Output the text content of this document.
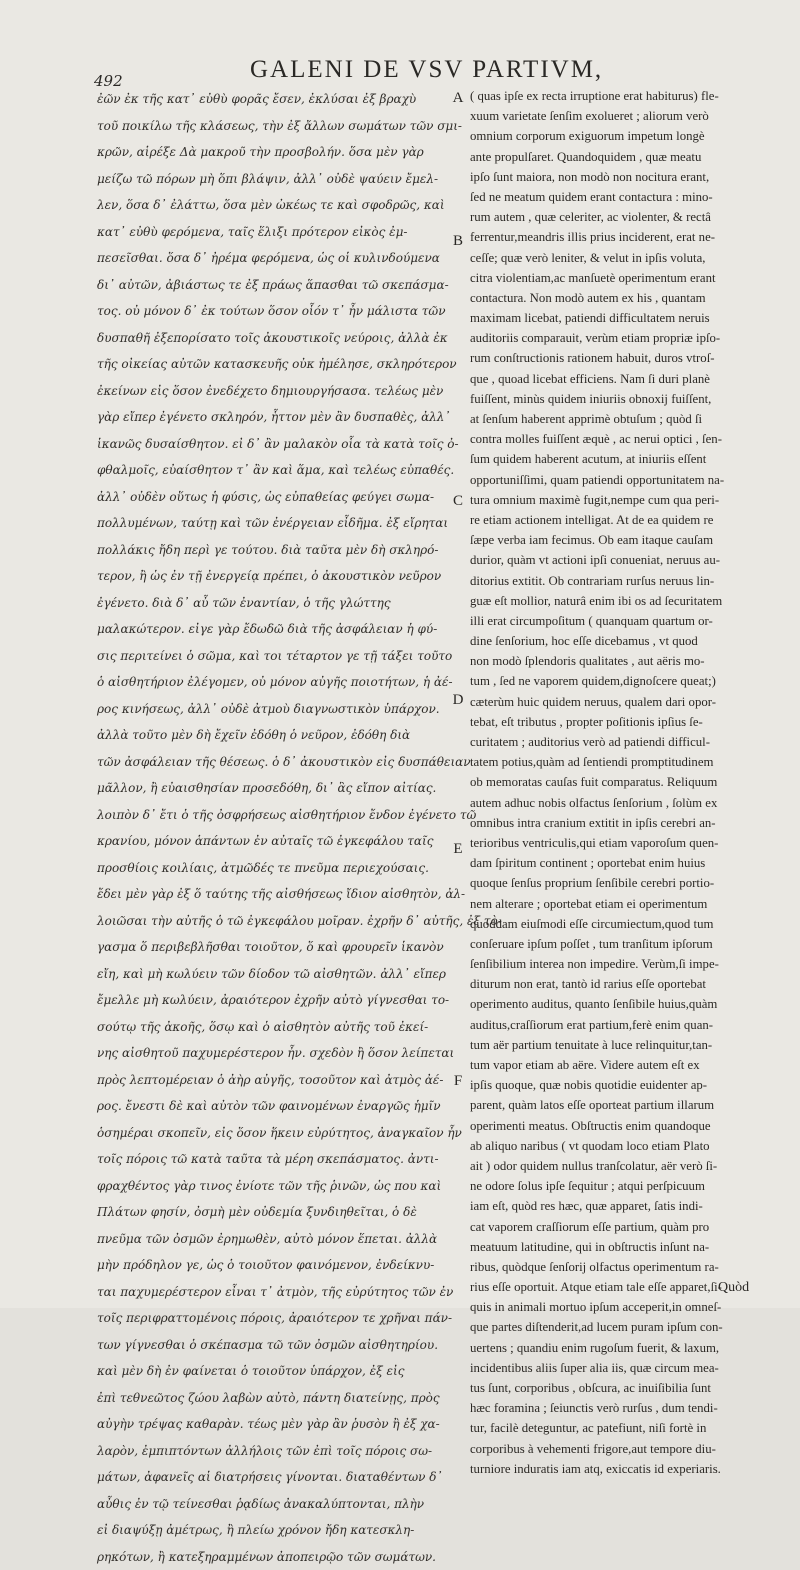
492	GALENI DE VSV PARTIVM,
ἐῶν ἐκ τῆς κατ᾽ εὐθὺ φορᾶς ἔσεν, ἐκλύσαι ἐξ βραχὺ
τοῦ ποικίλω τῆς κλάσεως, τὴν ἐξ ἄλλων σωμάτων τῶν σμι-
κρῶν, αἱρέξε Δὰ μακροῦ τὴν προσβολήν. ὅσα μὲν γὰρ
μείζω τῶ πόρων μὴ ὅπι βλάψιν, ἀλλ᾽ οὐδὲ ψαύειν ἔμελ-
λεν, ὅσα δ᾽ ἐλάττω, ὅσα μὲν ὠκέως τε καὶ σφοδρῶς, καὶ
κατ᾽ εὐθὺ φερόμενα, ταῖς ἕλιξι πρότερον εἰκὸς ἐμ-
πεσεῖσθαι. ὅσα δ᾽ ἠρέμα φερόμενα, ὡς οἱ κυλινδούμενα
δι᾽ αὐτῶν, ἀβιάστως τε ἐξ πράως ἅπασθαι τῶ σκεπάσμα-
τος. οὐ μόνον δ᾽ ἐκ τούτων ὅσον οἷόν τ᾽ ἦν μάλιστα τῶν
δυσπαθῆ ἐξεπορίσατο τοῖς ἀκουστικοῖς νεύροις, ἀλλὰ ἐκ
τῆς οἰκείας αὐτῶν κατασκευῆς οὐκ ἠμέλησε, σκληρότερον
ἐκείνων εἰς ὅσον ἐνεδέχετο δημιουργήσασα. τελέως μὲν
γὰρ εἴπερ ἐγένετο σκληρόν, ἧττον μὲν ἂν δυσπαθὲς, ἀλλ᾽
ἱκανῶς δυσαίσθητον. εἰ δ᾽ ἂν μαλακὸν οἷα τὰ κατὰ τοῖς ὀ-
φθαλμοῖς, εὐαίσθητον τ᾽ ἂν καὶ ἅμα, καὶ τελέως εὐπαθές.
ἀλλ᾽ οὐδὲν οὕτως ἡ φύσις, ὡς εὐπαθείας φεύγει σωμα-
πολλυμένων, ταύτῃ καὶ τῶν ἐνέργειαν εἶδῆμα. ἐξ εἴρηται
πολλάκις ἤδη περὶ γε τούτου. διὰ ταῦτα μὲν δὴ σκληρό-
τερον, ἢ ὡς ἐν τῇ ἐνεργείᾳ πρέπει, ὁ ἀκουστικὸν νεῦρον
ἐγένετο. διὰ δ᾽ αὖ τῶν ἐναντίαν, ὁ τῆς γλώττης
μαλακώτερον. εἰγε γὰρ ἔδωδῶ διὰ τῆς ἀσφάλειαν ἡ φύ-
σις περιτείνει ὁ σῶμα, καὶ τοι τέταρτον γε τῇ τάξει τοῦτο
ὁ αἰσθητήριον ἐλέγομεν, οὐ μόνον αὐγῆς ποιοτήτων, ἡ ἀέ-
ρος κινήσεως, ἀλλ᾽ οὐδὲ ἀτμοὺ διαγνωστικὸν ὑπάρχον.
ἀλλὰ τοῦτο μὲν δὴ ἔχεῖν ἐδόθη ὁ νεῦρον, ἐδόθη διὰ
τῶν ἀσφάλειαν τῆς θέσεως. ὁ δ᾽ ἀκουστικὸν εἰς δυσπάθειαν
μᾶλλον, ἢ εὐαισθησίαν προσεδόθη, δι᾽ ἃς εἴπον αἰτίας.
λοιπὸν δ᾽ ἔτι ὁ τῆς ὀσφρήσεως αἰσθητήριον ἔνδον ἐγένετο τῶ
κρανίου, μόνον ἁπάντων ἐν αὐταῖς τῶ ἐγκεφάλου ταῖς
προσθίοις κοιλίαις, ἀτμῶδές τε πνεῦμα περιεχούσαις.
ἔδει μὲν γὰρ ἐξ ὅ ταύτης τῆς αἰσθήσεως ἴδιον αἰσθητὸν, ἀλ-
λοιῶσαι τὴν αὐτῆς ὁ τῶ ἐγκεφάλου μοῖραν. ἐχρῆν δ᾽ αὐτῆς, ἐξ τὸ-
γασμα ὅ περιβεβλῆσθαι τοιοῦτον, ὅ καὶ φρουρεῖν ἱκανὸν
εἴη, καὶ μὴ κωλύειν τῶν δίοδον τῶ αἰσθητῶν. ἀλλ᾽ εἴπερ
ἔμελλε μὴ κωλύειν, ἀραιότερον ἐχρῆν αὐτὸ γίγνεσθαι το-
σούτῳ τῆς ἀκοῆς, ὅσῳ καὶ ὁ αἰσθητὸν αὐτῆς τοῦ ἐκεί-
νης αἰσθητοῦ παχυμερέστερον ἦν. σχεδὸν ἢ ὅσον λείπεται
πρὸς λεπτομέρειαν ὁ ἀὴρ αὐγῆς, τοσοῦτον καὶ ἀτμὸς ἀέ-
ρος. ἔνεστι δὲ καὶ αὐτὸν τῶν φαινομένων ἐναργῶς ἡμῖν
ὁσημέραι σκοπεῖν, εἰς ὅσον ἥκειν εὐρύτητος, ἀναγκαῖον ἦν
τοῖς πόροις τῶ κατὰ ταῦτα τὰ μέρη σκεπάσματος. ἀντι-
φραχθέντος γὰρ τινος ἐνίοτε τῶν τῆς ῥινῶν, ὡς που καὶ
Πλάτων φησίν, ὀσμὴ μὲν οὐδεμία ξυνδιηθεῖται, ὁ δὲ
πνεῦμα τῶν ὀσμῶν ἐρημωθὲν, αὐτὸ μόνον ἕπεται. ἀλλὰ
μὴν πρόδηλον γε, ὡς ὁ τοιοῦτον φαινόμενον, ἐνδείκνυ-
ται παχυμερέστερον εἶναι τ᾽ ἀτμὸν, τῆς εὐρύτητος τῶν ἐν
τοῖς περιφραττομένοις πόροις, ἀραιότερον τε χρῆναι πάν-
των γίγνεσθαι ὁ σκέπασμα τῶ τῶν ὀσμῶν αἰσθητηρίου.
καὶ μὲν δὴ ἐν φαίνεται ὁ τοιοῦτον ὑπάρχον, ἐξ εἰς
ἐπὶ τεθνεῶτος ζώου λαβὼν αὐτὸ, πάντη διατείνῃς, πρὸς
αὐγὴν τρέψας καθαρὰν. τέως μὲν γὰρ ἂν ῥυσὸν ἢ ἐξ χα-
λαρὸν, ἐμπιπτόντων ἀλλήλοις τῶν ἐπὶ τοῖς πόροις σω-
μάτων, ἀφανεῖς αἱ διατρήσεις γίνονται. διαταθέντων δ᾽
αὖθις ἐν τῷ τείνεσθαι ῥᾳδίως ἀνακαλύπτονται, πλὴν
εἰ διαψύξῃ ἀμέτρως, ἢ πλείω χρόνον ἤδη κατεσκλη-
ρηκότων, ἢ κατεξηραμμένων ἀποπειρῷο τῶν σωμάτων.
A
B
C
D
E
F
( quas ipſe ex recta irruptione erat habiturus) fle-
xuum varietate ſenſim exolueret ; aliorum verò
omnium corporum exiguorum impetum longè
ante propulſaret. Quandoquidem , quæ meatu
ipſo ſunt maiora, non modò non nocitura erant,
ſed ne meatum quidem erant contactura : mino-
rum autem , quæ celeriter, ac violenter, & rectâ
ferrentur,meandris illis prius inciderent, erat ne-
ceſſe; quæ verò leniter, & velut in ipſis voluta,
citra violentiam,ac manſuetè operimentum erant
contactura. Non modò autem ex his , quantam
maximam licebat, patiendi difficultatem neruis
auditoriis comparauit, verùm etiam propriæ ipſo-
rum conſtructionis rationem habuit, duros vtroſ-
que , quoad licebat efficiens. Nam ſi duri planè
fuiſſent, minùs quidem iniuriis obnoxij fuiſſent,
at ſenſum haberent apprimè obtuſum ; quòd ſi
contra molles fuiſſent æquè , ac nerui optici , ſen-
ſum quidem haberent acutum, at iniuriis eſſent
opportuniſſimi, quam patiendi opportunitatem na-
tura omnium maximè fugit,nempe cum qua peri-
re etiam actionem intelligat. At de ea quidem re
ſæpe verba iam fecimus. Ob eam itaque cauſam
durior, quàm vt actioni ipſi conueniat, neruus au-
ditorius extitit. Ob contrariam rurſus neruus lin-
guæ eſt mollior, naturâ enim ibi os ad ſecuritatem
illi erat circumpoſitum ( quanquam quartum or-
dine ſenſorium, hoc eſſe dicebamus , vt quod
non modò ſplendoris qualitates , aut aëris mo-
tum , ſed ne vaporem quidem,dignoſcere queat;)
cæterùm huic quidem neruus, qualem dari opor-
tebat, eſt tributus , propter poſitionis ipſius ſe-
curitatem ; auditorius verò ad patiendi difficul-
tatem potius,quàm ad ſentiendi promptitudinem
ob memoratas cauſas fuit comparatus. Reliquum
autem adhuc nobis olfactus ſenſorium , ſolùm ex
omnibus intra cranium extitit in ipſis cerebri an-
terioribus ventriculis,qui etiam vaporoſum quen-
dam ſpiritum continent ; oportebat enim huius
quoque ſenſus proprium ſenſibile cerebri portio-
nem alterare ; oportebat etiam ei operimentum
quoddam eiuſmodi eſſe circumiectum,quod tum
conſeruare ipſum poſſet , tum tranſitum ipſorum
ſenſibilium interea non impedire. Verùm,ſi impe-
diturum non erat, tantò id rarius eſſe oportebat
operimento auditus, quanto ſenſibile huius,quàm
auditus,craſſiorum erat partium,ferè enim quan-
tum aër partium tenuitate à luce relinquitur,tan-
tum vapor etiam ab aëre. Videre autem eſt ex
ipſis quoque, quæ nobis quotidie euidenter ap-
parent, quàm latos eſſe oporteat partium illarum
operimenti meatus. Obſtructis enim quandoque
ab aliquo naribus ( vt quodam loco etiam Plato
ait ) odor quidem nullus tranſcolatur, aër verò ſi-
ne odore ſolus ipſe ſequitur ; atqui perſpicuum
iam eſt, quòd res hæc, quæ apparet, ſatis indi-
cat vaporem craſſiorum eſſe partium, quàm pro
meatuum latitudine, qui in obſtructis inſunt na-
ribus, quòdque ſenſorij olfactus operimentum ra-
rius eſſe oportuit. Atque etiam tale eſſe apparet,ſi-
quis in animali mortuo ipſum acceperit,in omneſ-
que partes diſtenderit,ad lucem puram ipſum con-
uertens ; quandiu enim rugoſum fuerit, & laxum,
incidentibus aliis ſuper alia iis, quæ circum mea-
tus ſunt, corporibus , obſcura, ac inuiſibilia ſunt
hæc foramina ; ſeiunctis verò rurſus , dum tendi-
tur, facilè deteguntur, ac patefiunt, niſi fortè in
corporibus à vehementi frigore,aut tempore diu-
turniore induratis iam atq, exiccatis id experiaris.
Quòd
